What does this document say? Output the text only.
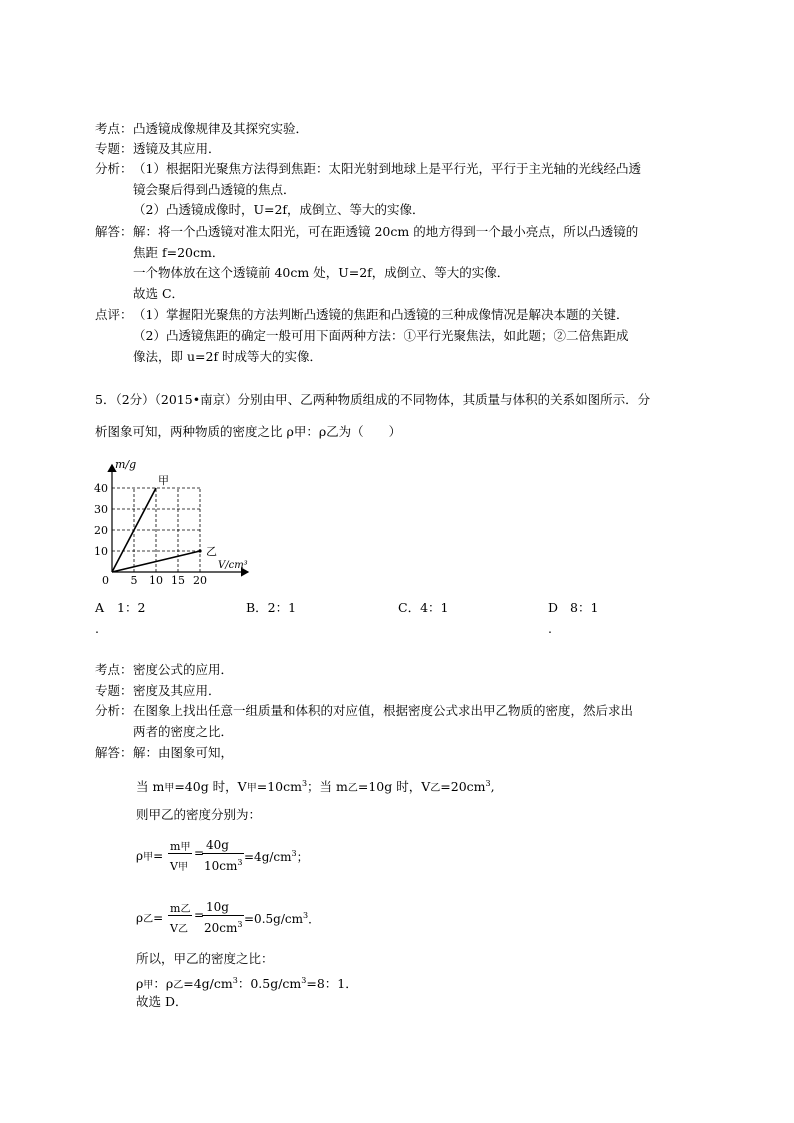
考点： 凸透镜成像规律及其探究实验．
专题： 透镜及其应用．
分析： （1）根据阳光聚焦方法得到焦距：太阳光射到地球上是平行光，平行于主光轴的光线经凸透
镜会聚后得到凸透镜的焦点．
（2）凸透镜成像时，U=2f，成倒立、等大的实像．
解答： 解：将一个凸透镜对准太阳光，可在距透镜 20cm 的地方得到一个最小亮点，所以凸透镜的
焦距 f=20cm．
一个物体放在这个透镜前 40cm 处，U=2f，成倒立、等大的实像．
故选 C．
点评： （1）掌握阳光聚焦的方法判断凸透镜的焦距和凸透镜的三种成像情况是解决本题的关键．
（2）凸透镜焦距的确定一般可用下面两种方法：①平行光聚焦法，如此题；②二倍焦距成
像法，即 u=2f 时成等大的实像．
5．（2分）（2015•南京）分别由甲、乙两种物质组成的不同物体，其质量与体积的关系如图所示．分
析图象可知，两种物质的密度之比 ρ甲：ρ乙为（　　）
5 10 15 20
10
20
30
40
m/g
V/cm³
0
甲
乙
A 1：2
.
B．2：1	C．4：1	D 8：1
.
考点： 密度公式的应用．
专题： 密度及其应用．
分析： 在图象上找出任意一组质量和体积的对应值，根据密度公式求出甲乙物质的密度，然后求出
两者的密度之比．
解答： 解：由图象可知，
当 m甲=40g 时，V甲$=10cm^3$；当 m乙=10g 时，V乙$=20cm^3$,
则甲乙的密度分别为：
ρ甲=
m甲
V甲
=
40g
$10cm^3 =4g/cm^3$；
ρ乙=
m乙
V乙
=
10g
$20cm^3 =0.5g/cm^3$．
所以，甲乙的密度之比：
ρ甲：ρ乙$=4g/cm^3$：$0.5g/cm^3=8$：1．
故选 D．
